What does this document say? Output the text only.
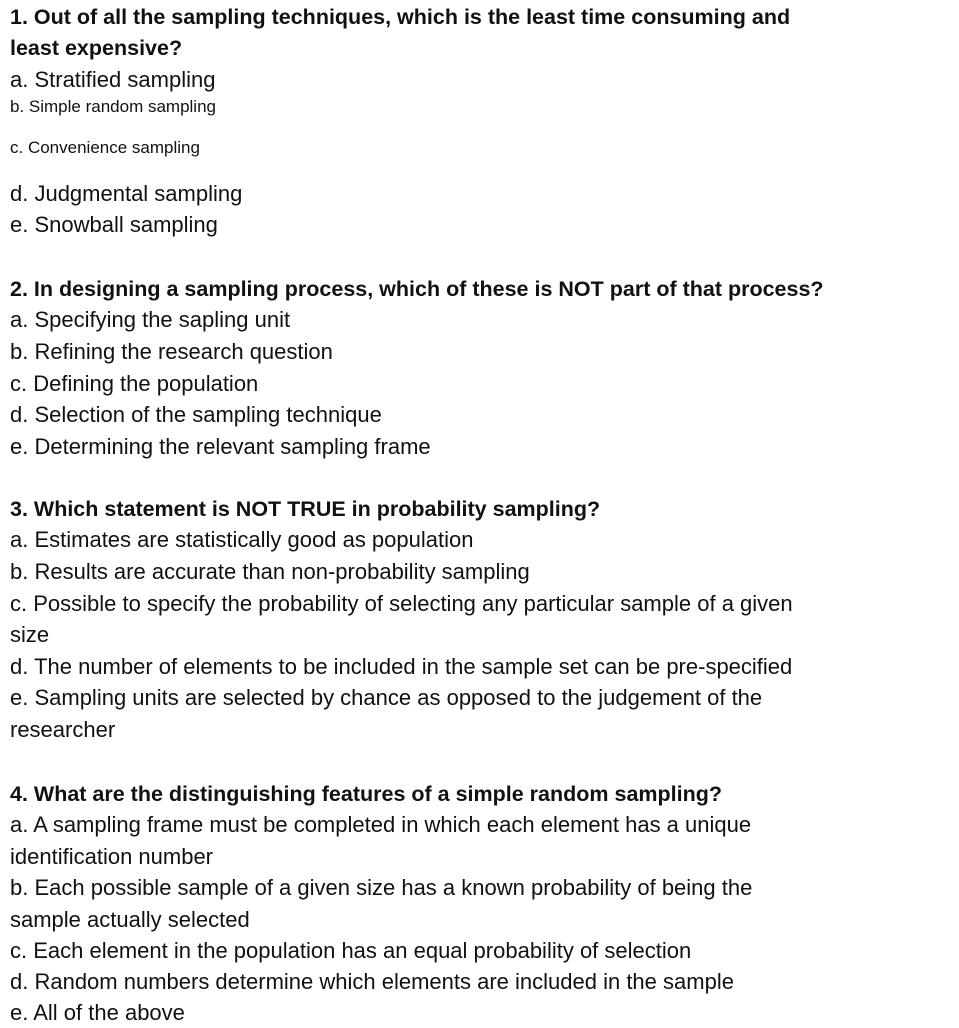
1. Out of all the sampling techniques, which is the least time consuming and
least expensive?
a. Stratified sampling
b. Simple random sampling
c. Convenience sampling
d. Judgmental sampling
e. Snowball sampling
2. In designing a sampling process, which of these is NOT part of that process?
a. Specifying the sapling unit
b. Refining the research question
c. Defining the population
d. Selection of the sampling technique
e. Determining the relevant sampling frame
3. Which statement is NOT TRUE in probability sampling?
a. Estimates are statistically good as population
b. Results are accurate than non-probability sampling
c. Possible to specify the probability of selecting any particular sample of a given
size
d. The number of elements to be included in the sample set can be pre-specified
e. Sampling units are selected by chance as opposed to the judgement of the
researcher
4. What are the distinguishing features of a simple random sampling?
a. A sampling frame must be completed in which each element has a unique
identification number
b. Each possible sample of a given size has a known probability of being the
sample actually selected
c. Each element in the population has an equal probability of selection
d. Random numbers determine which elements are included in the sample
e. All of the above
